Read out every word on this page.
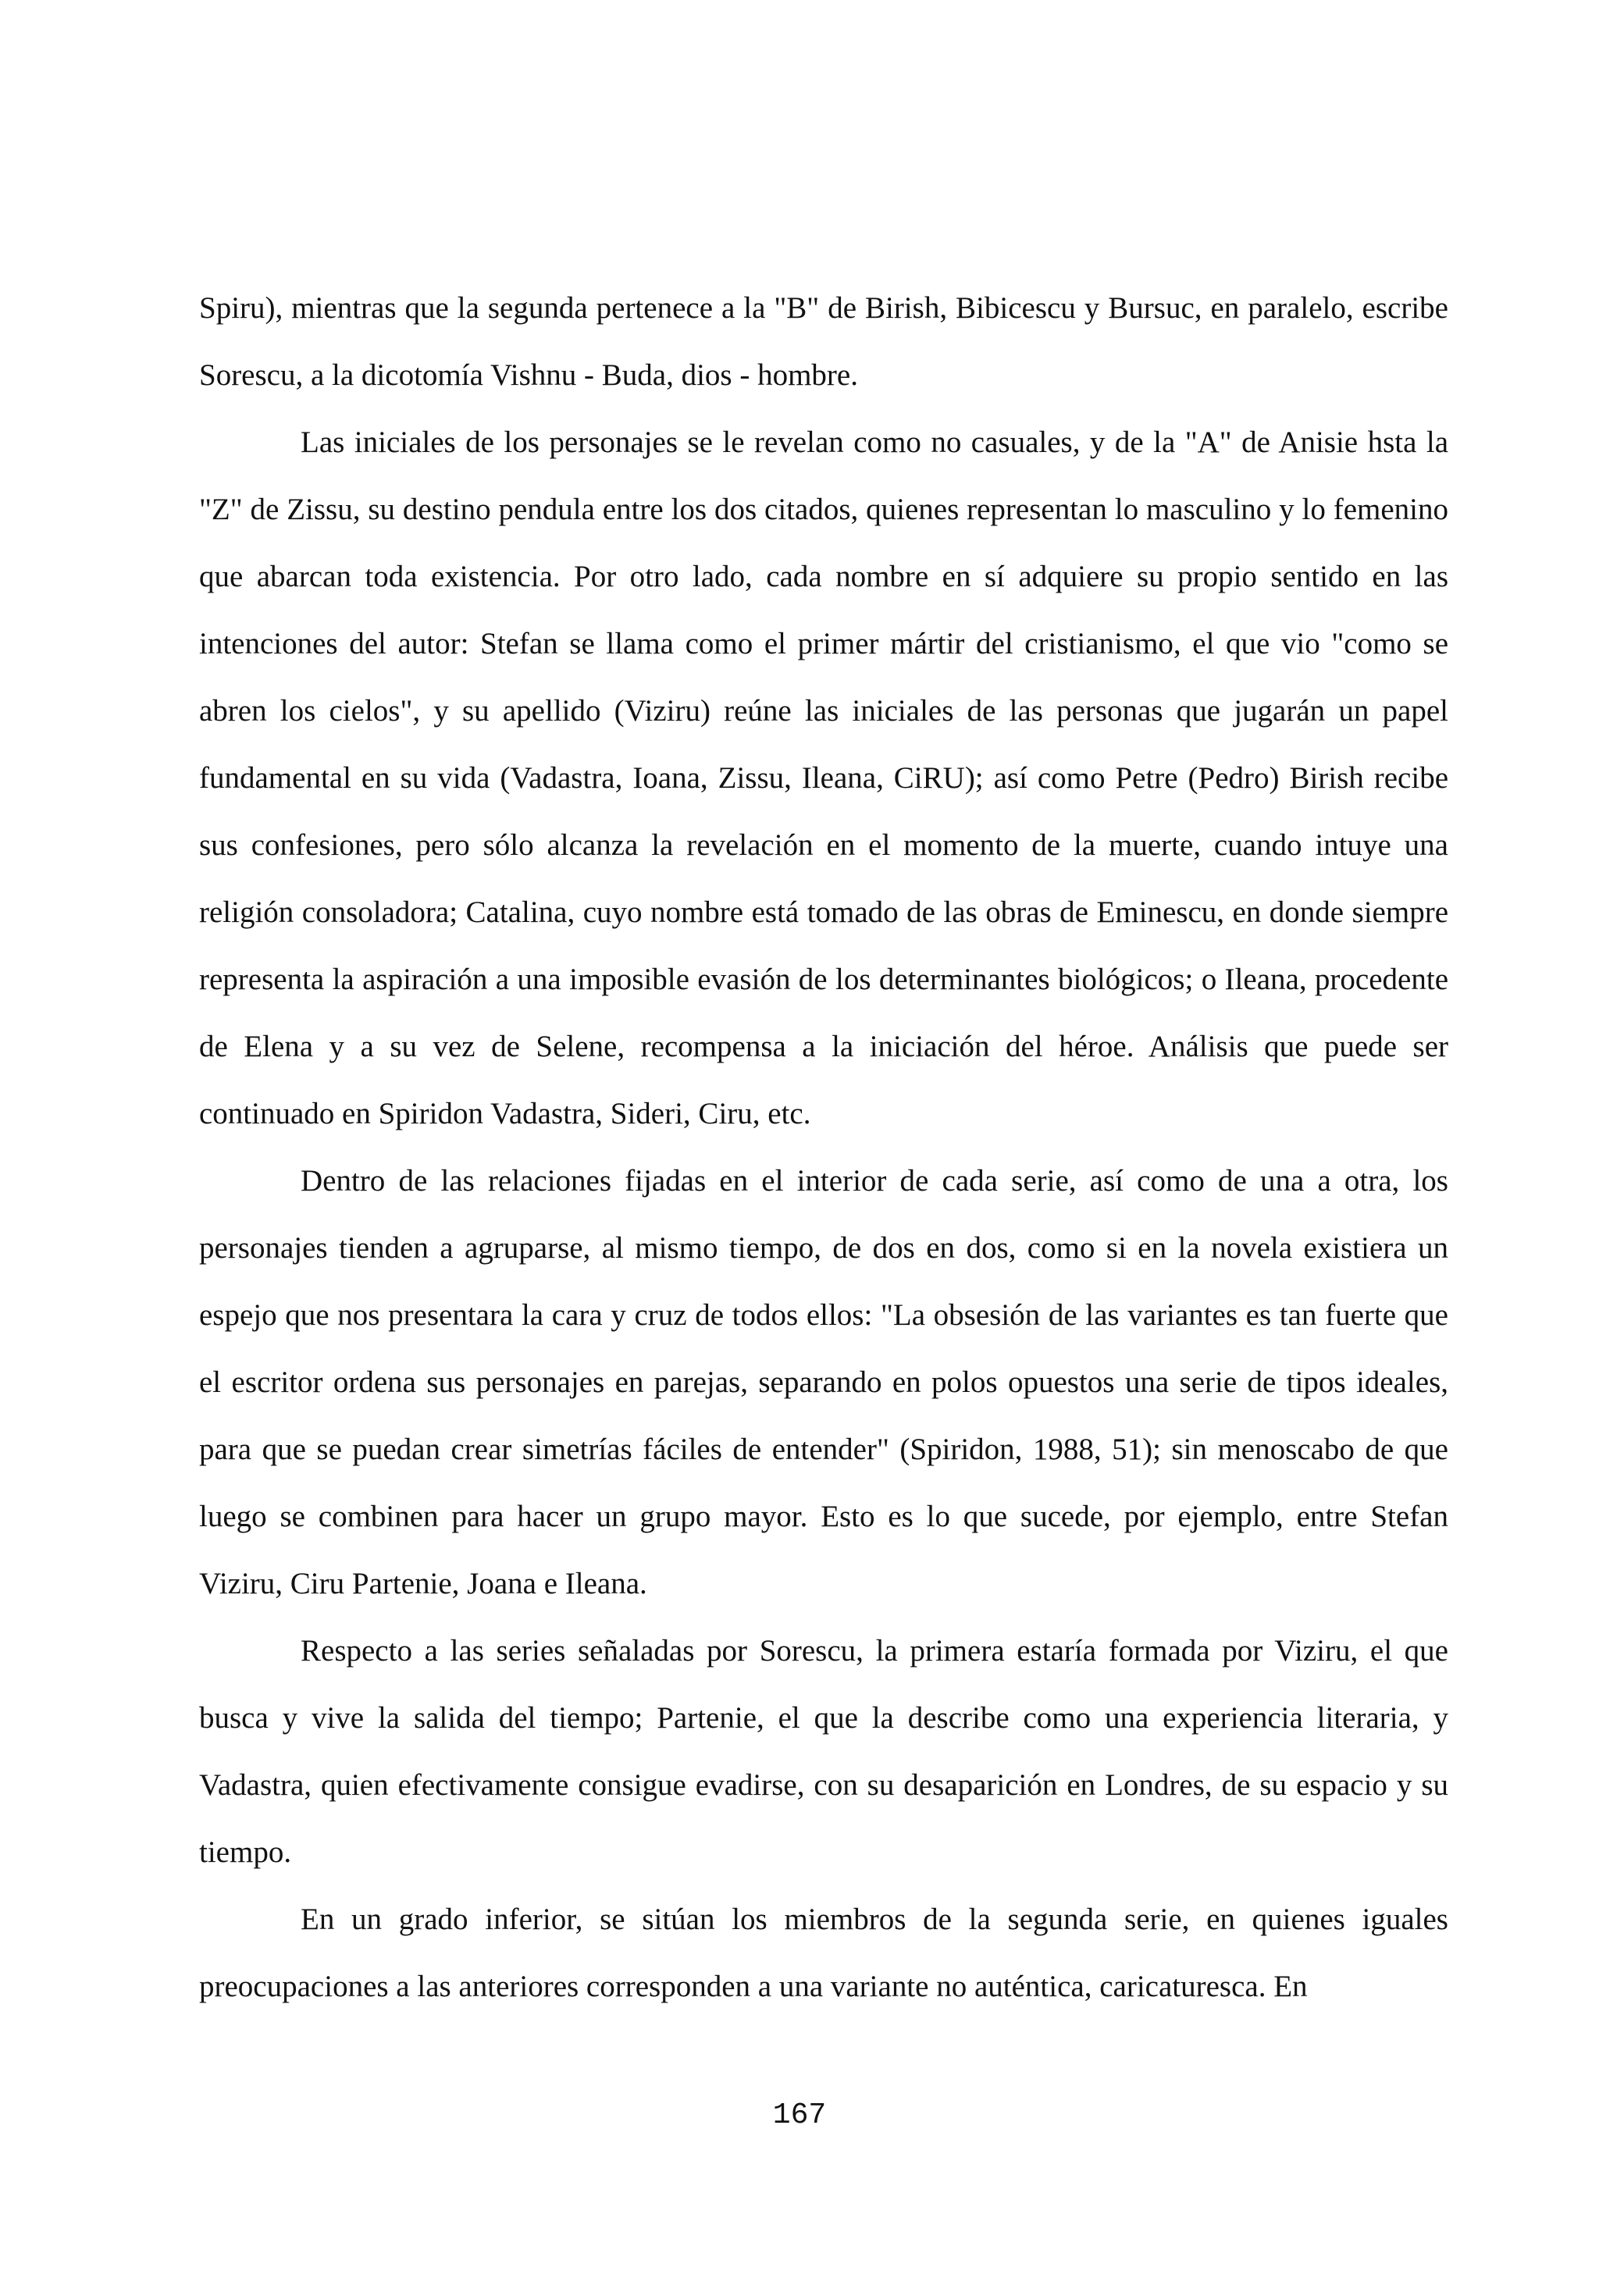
Spiru), mientras que la segunda pertenece a la "B" de Birish, Bibicescu y Bursuc, en paralelo, escribe Sorescu, a la dicotomía Vishnu - Buda, dios - hombre.

Las iniciales de los personajes se le revelan como no casuales, y de la "A" de Anisie hsta la "Z" de Zissu, su destino pendula entre los dos citados, quienes representan lo masculino y lo femenino que abarcan toda existencia. Por otro lado, cada nombre en sí adquiere su propio sentido en las intenciones del autor: Stefan se llama como el primer mártir del cristianismo, el que vio "como se abren los cielos", y su apellido (Viziru) reúne las iniciales de las personas que jugarán un papel fundamental en su vida (Vadastra, Ioana, Zissu, Ileana, CiRU); así como Petre (Pedro) Birish recibe sus confesiones, pero sólo alcanza la revelación en el momento de la muerte, cuando intuye una religión consoladora; Catalina, cuyo nombre está tomado de las obras de Eminescu, en donde siempre representa la aspiración a una imposible evasión de los determinantes biológicos; o Ileana, procedente de Elena y a su vez de Selene, recompensa a la iniciación del héroe. Análisis que puede ser continuado en Spiridon Vadastra, Sideri, Ciru, etc.

Dentro de las relaciones fijadas en el interior de cada serie, así como de una a otra, los personajes tienden a agruparse, al mismo tiempo, de dos en dos, como si en la novela existiera un espejo que nos presentara la cara y cruz de todos ellos: "La obsesión de las variantes es tan fuerte que el escritor ordena sus personajes en parejas, separando en polos opuestos una serie de tipos ideales, para que se puedan crear simetrías fáciles de entender" (Spiridon, 1988, 51); sin menoscabo de que luego se combinen para hacer un grupo mayor. Esto es lo que sucede, por ejemplo, entre Stefan Viziru, Ciru Partenie, Joana e Ileana.

Respecto a las series señaladas por Sorescu, la primera estaría formada por Viziru, el que busca y vive la salida del tiempo; Partenie, el que la describe como una experiencia literaria, y Vadastra, quien efectivamente consigue evadirse, con su desaparición en Londres, de su espacio y su tiempo.

En un grado inferior, se sitúan los miembros de la segunda serie, en quienes iguales preocupaciones a las anteriores corresponden a una variante no auténtica, caricaturesca. En

167
